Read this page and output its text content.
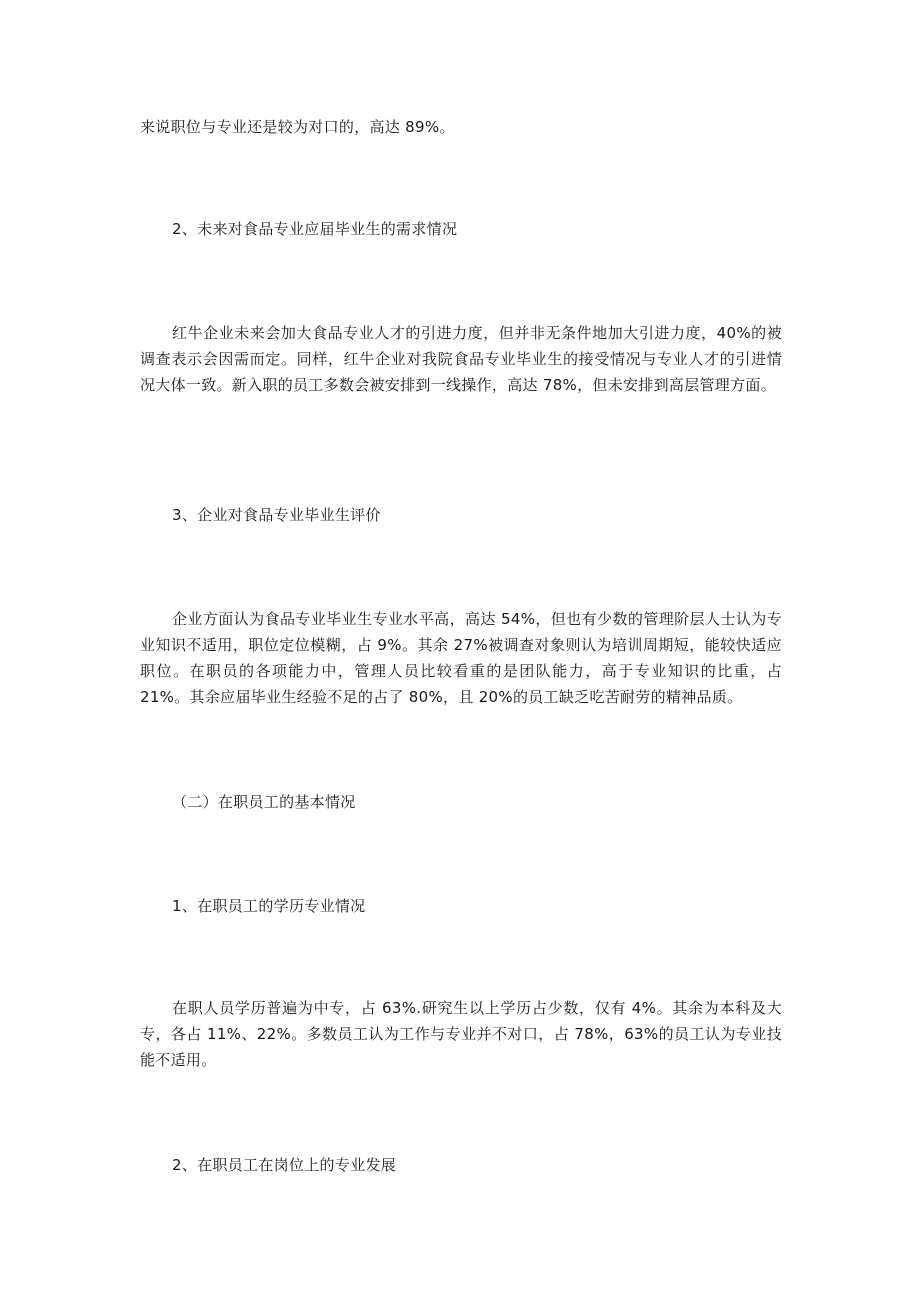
来说职位与专业还是较为对口的，高达 89%。

2、未来对食品专业应届毕业生的需求情况

红牛企业未来会加大食品专业人才的引进力度，但并非无条件地加大引进力度，40%的被调查表示会因需而定。同样，红牛企业对我院食品专业毕业生的接受情况与专业人才的引进情况大体一致。新入职的员工多数会被安排到一线操作，高达 78%，但未安排到高层管理方面。

3、企业对食品专业毕业生评价

企业方面认为食品专业毕业生专业水平高，高达 54%，但也有少数的管理阶层人士认为专业知识不适用，职位定位模糊，占 9%。其余 27%被调查对象则认为培训周期短，能较快适应职位。在职员的各项能力中，管理人员比较看重的是团队能力，高于专业知识的比重，占 21%。其余应届毕业生经验不足的占了 80%，且 20%的员工缺乏吃苦耐劳的精神品质。

（二）在职员工的基本情况

1、在职员工的学历专业情况

在职人员学历普遍为中专，占 63%.研究生以上学历占少数，仅有 4%。其余为本科及大专，各占 11%、22%。多数员工认为工作与专业并不对口，占 78%，63%的员工认为专业技能不适用。

2、在职员工在岗位上的专业发展
